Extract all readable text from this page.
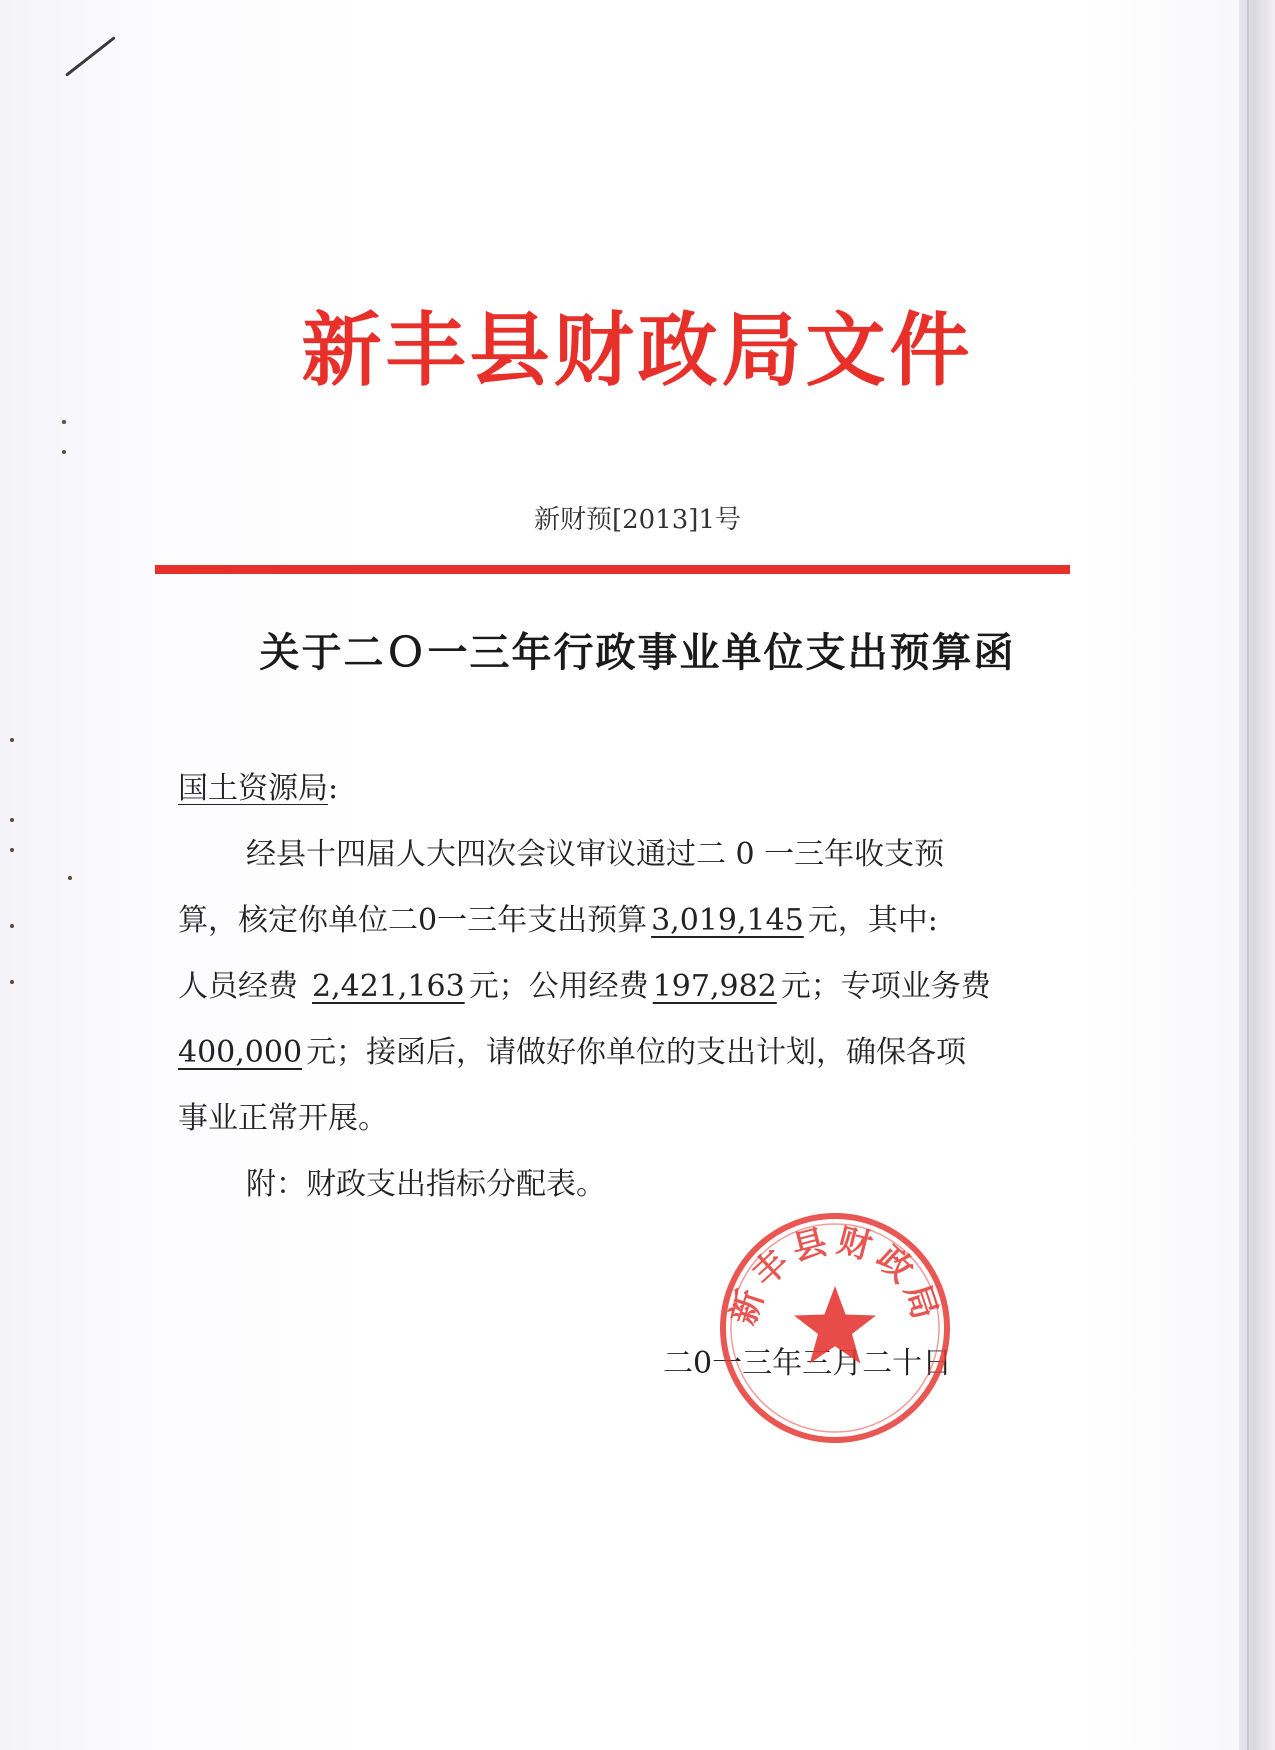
新丰县财政局文件
新财预[2013]1号
关于二Ｏ一三年行政事业单位支出预算函
国土资源局:
经县十四届人大四次会议审议通过二 0 一三年收支预
算，核定你单位二0一三年支出预算 3,019,145 元，其中:
人员经费 2,421,163 元；公用经费 197,982 元；专项业务费
400,000 元；接函后，请做好你单位的支出计划，确保各项
事业正常开展。
附：财政支出指标分配表。
二0一三年三月二十日
新丰县财政局
